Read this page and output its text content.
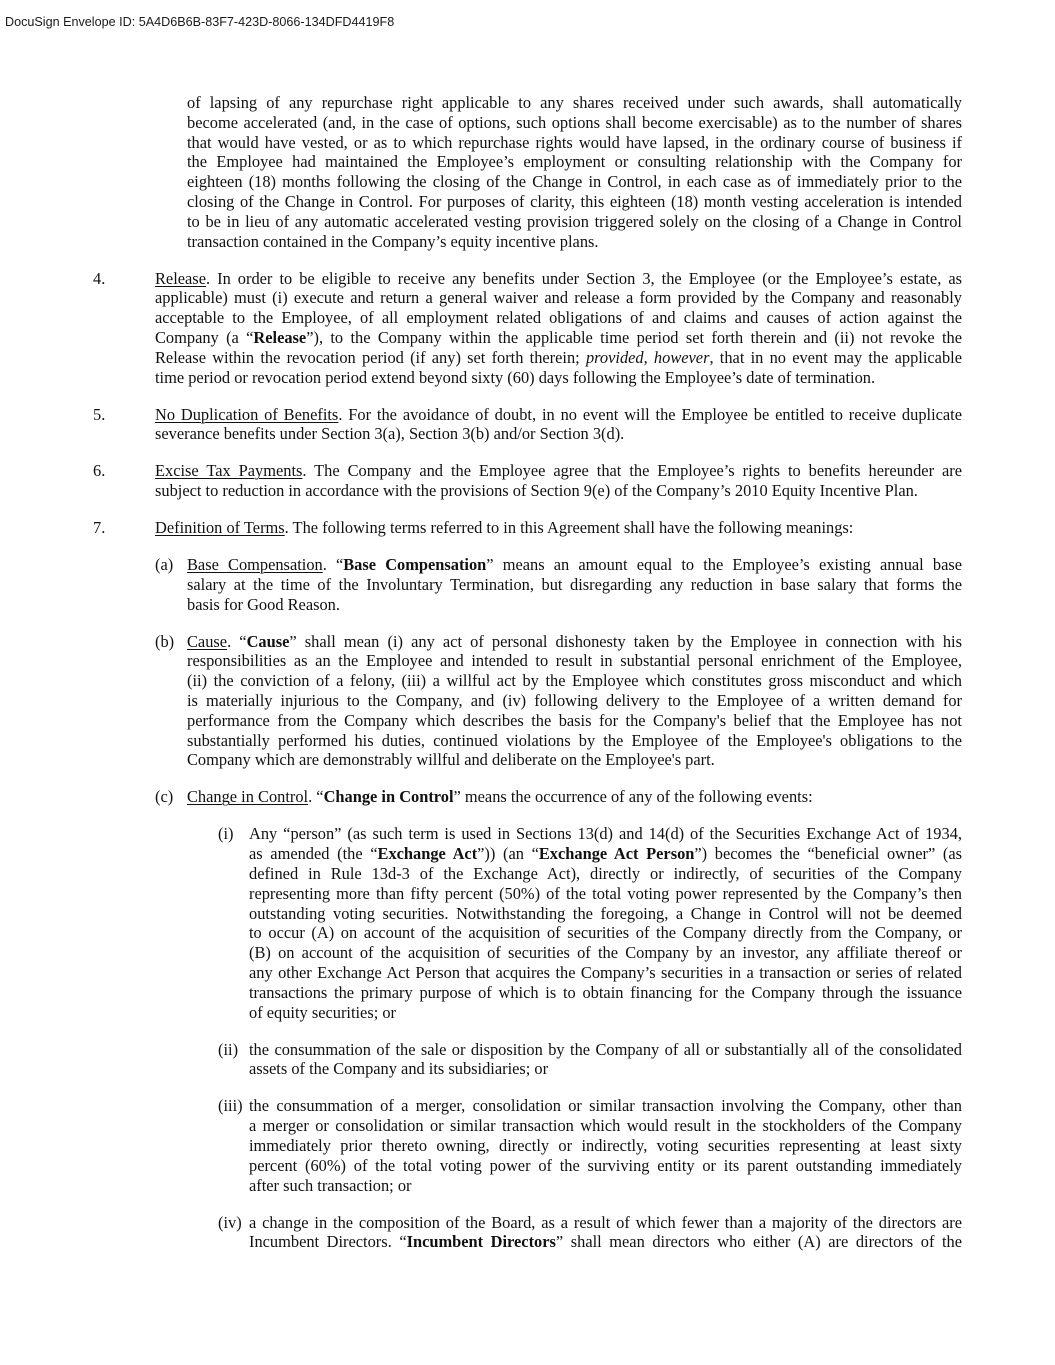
DocuSign Envelope ID: 5A4D6B6B-83F7-423D-8066-134DFD4419F8
of lapsing of any repurchase right applicable to any shares received under such awards, shall automatically
become accelerated (and, in the case of options, such options shall become exercisable) as to the number of shares
that would have vested, or as to which repurchase rights would have lapsed, in the ordinary course of business if
the Employee had maintained the Employee’s employment or consulting relationship with the Company for
eighteen (18) months following the closing of the Change in Control, in each case as of immediately prior to the
closing of the Change in Control. For purposes of clarity, this eighteen (18) month vesting acceleration is intended
to be in lieu of any automatic accelerated vesting provision triggered solely on the closing of a Change in Control
transaction contained in the Company’s equity incentive plans.
4.	Release. In order to be eligible to receive any benefits under Section 3, the Employee (or the Employee’s estate, as
applicable) must (i) execute and return a general waiver and release a form provided by the Company and reasonably
acceptable to the Employee, of all employment related obligations of and claims and causes of action against the
Company (a “Release”), to the Company within the applicable time period set forth therein and (ii) not revoke the
Release within the revocation period (if any) set forth therein; provided, however, that in no event may the applicable
time period or revocation period extend beyond sixty (60) days following the Employee’s date of termination.
5.	No Duplication of Benefits. For the avoidance of doubt, in no event will the Employee be entitled to receive duplicate
severance benefits under Section 3(a), Section 3(b) and/or Section 3(d).
6.	Excise Tax Payments. The Company and the Employee agree that the Employee’s rights to benefits hereunder are
subject to reduction in accordance with the provisions of Section 9(e) of the Company’s 2010 Equity Incentive Plan.
7.	Definition of Terms. The following terms referred to in this Agreement shall have the following meanings:
(a) Base Compensation. “Base Compensation” means an amount equal to the Employee’s existing annual base
salary at the time of the Involuntary Termination, but disregarding any reduction in base salary that forms the
basis for Good Reason.
(b) Cause. “Cause” shall mean (i) any act of personal dishonesty taken by the Employee in connection with his
responsibilities as an the Employee and intended to result in substantial personal enrichment of the Employee,
(ii) the conviction of a felony, (iii) a willful act by the Employee which constitutes gross misconduct and which
is materially injurious to the Company, and (iv) following delivery to the Employee of a written demand for
performance from the Company which describes the basis for the Company's belief that the Employee has not
substantially performed his duties, continued violations by the Employee of the Employee's obligations to the
Company which are demonstrably willful and deliberate on the Employee's part.
(c) Change in Control. “Change in Control” means the occurrence of any of the following events:
(i) Any “person” (as such term is used in Sections 13(d) and 14(d) of the Securities Exchange Act of 1934,
as amended (the “Exchange Act”)) (an “Exchange Act Person”) becomes the “beneficial owner” (as
defined in Rule 13d-3 of the Exchange Act), directly or indirectly, of securities of the Company
representing more than fifty percent (50%) of the total voting power represented by the Company’s then
outstanding voting securities. Notwithstanding the foregoing, a Change in Control will not be deemed
to occur (A) on account of the acquisition of securities of the Company directly from the Company, or
(B) on account of the acquisition of securities of the Company by an investor, any affiliate thereof or
any other Exchange Act Person that acquires the Company’s securities in a transaction or series of related
transactions the primary purpose of which is to obtain financing for the Company through the issuance
of equity securities; or
(ii) the consummation of the sale or disposition by the Company of all or substantially all of the consolidated
assets of the Company and its subsidiaries; or
(iii) the consummation of a merger, consolidation or similar transaction involving the Company, other than
a merger or consolidation or similar transaction which would result in the stockholders of the Company
immediately prior thereto owning, directly or indirectly, voting securities representing at least sixty
percent (60%) of the total voting power of the surviving entity or its parent outstanding immediately
after such transaction; or
(iv) a change in the composition of the Board, as a result of which fewer than a majority of the directors are
Incumbent Directors. “Incumbent Directors” shall mean directors who either (A) are directors of the
